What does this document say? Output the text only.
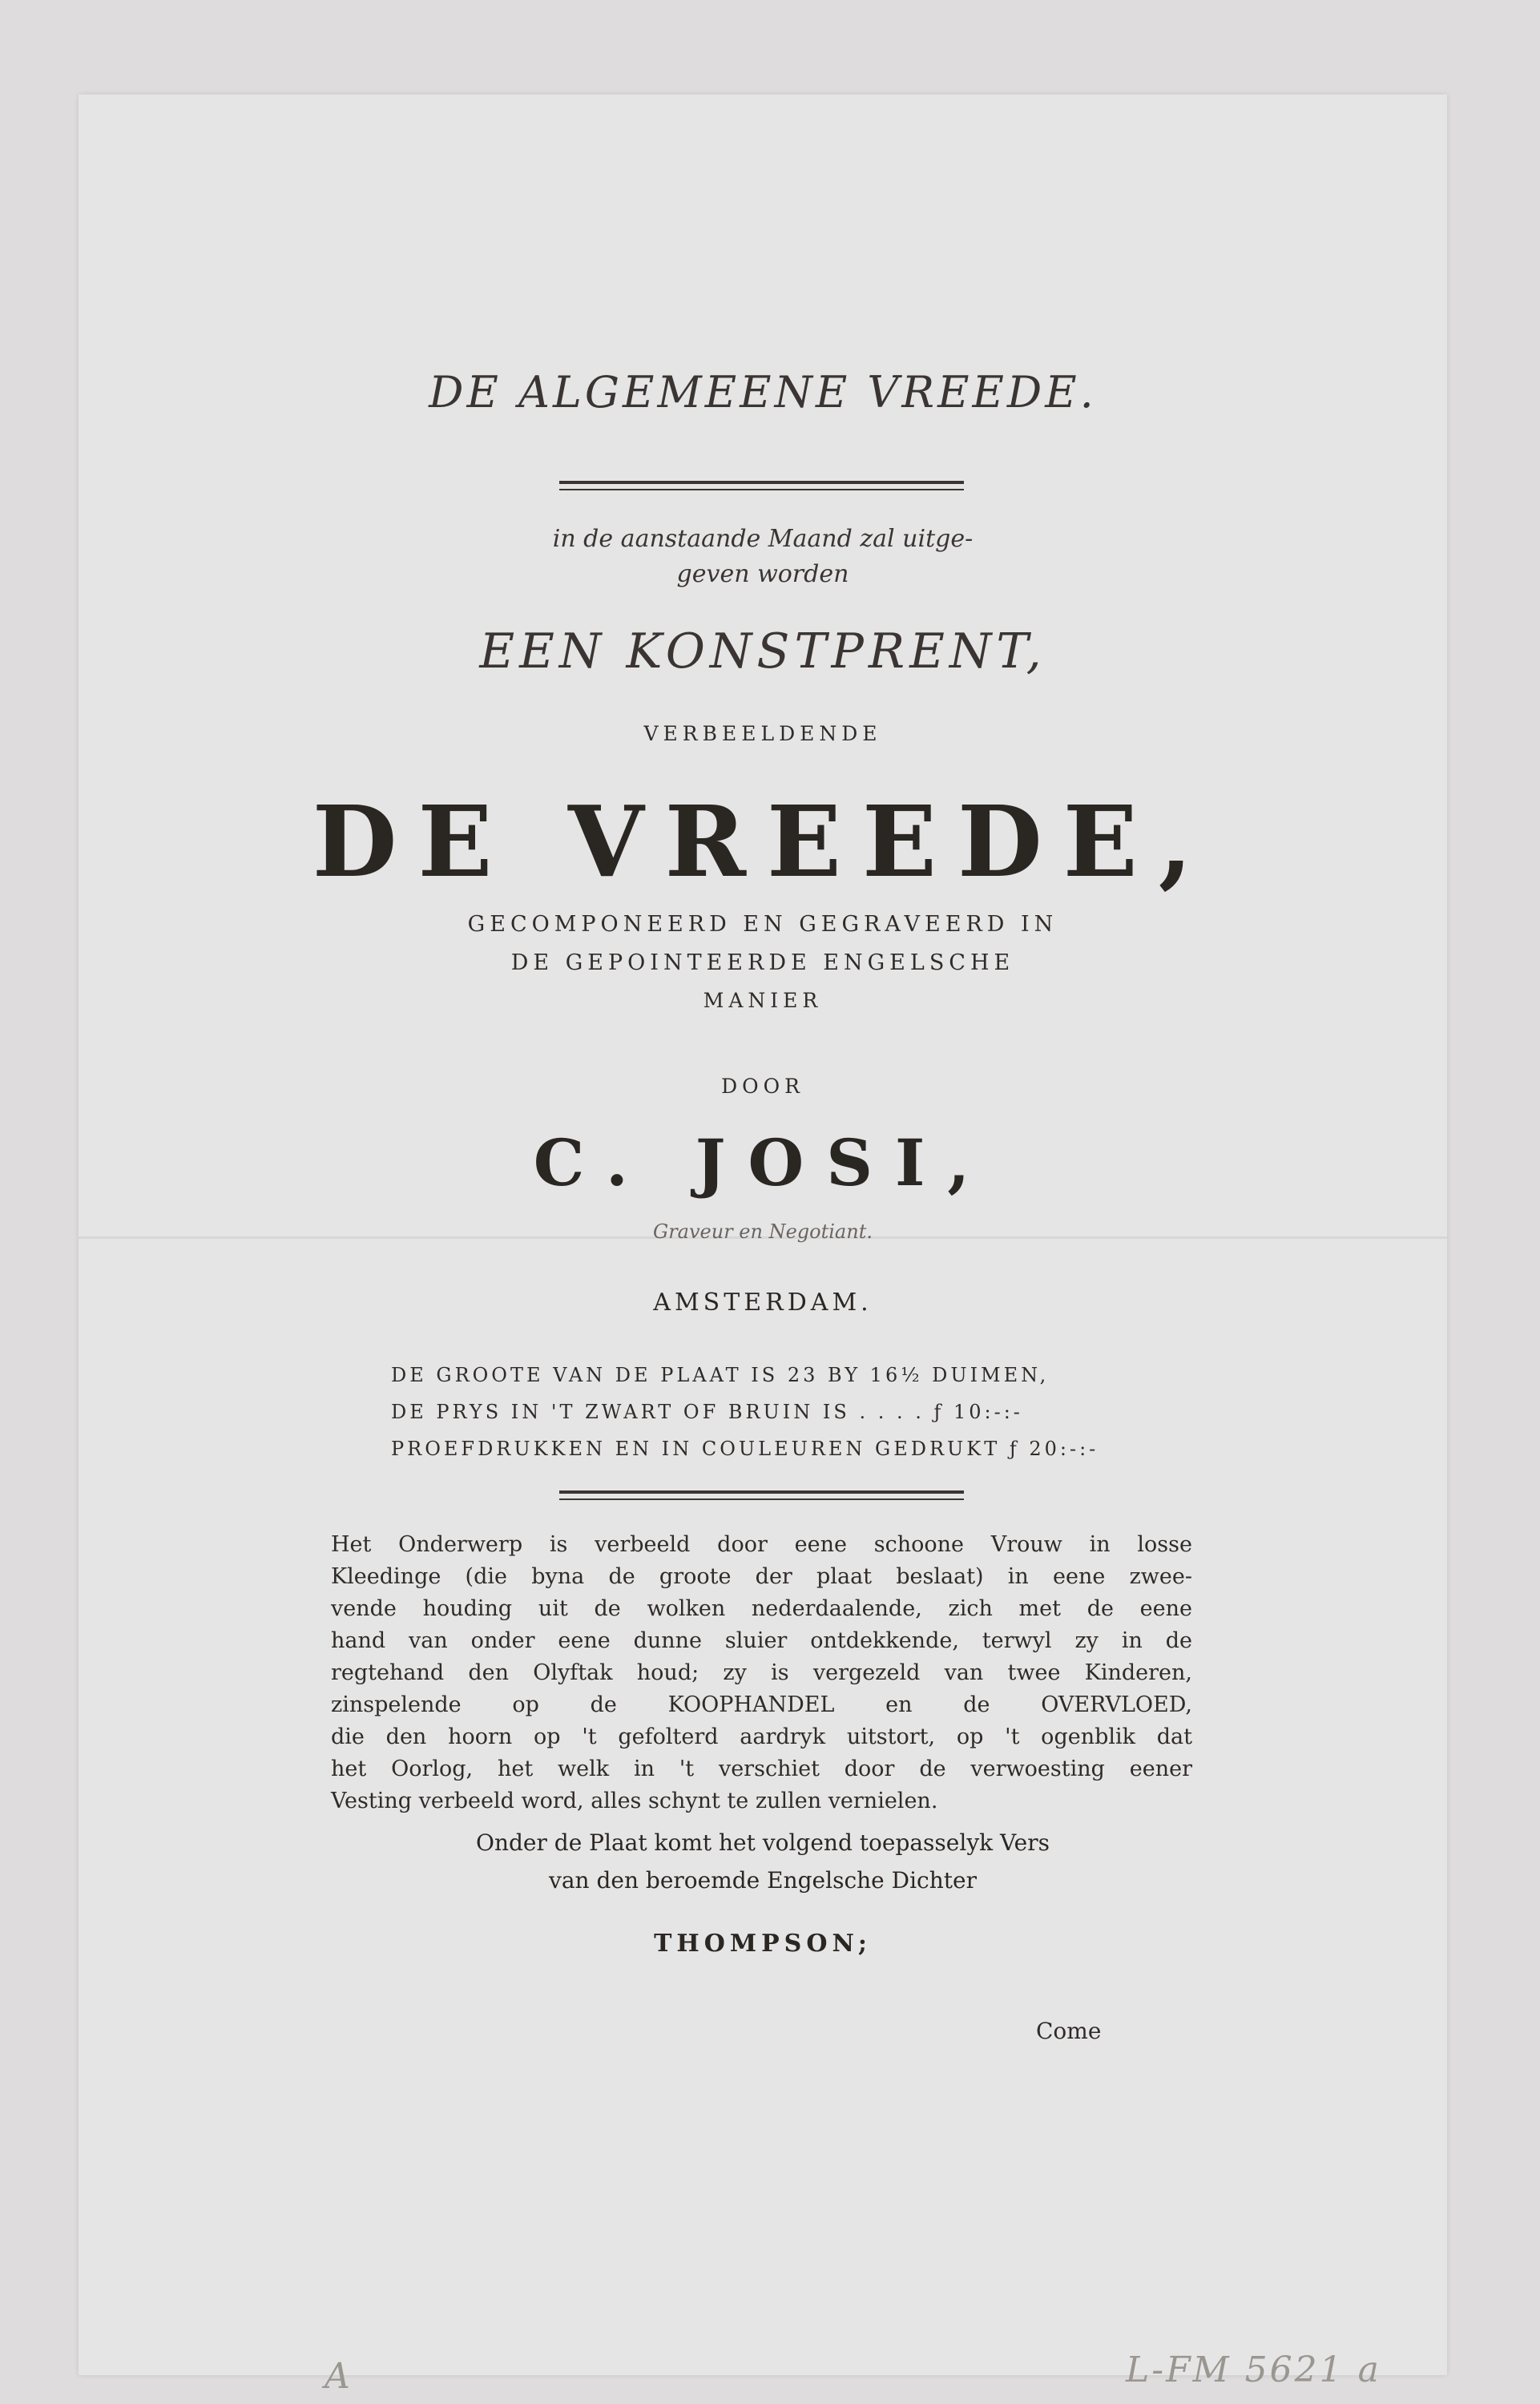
DE ALGEMEENE VREEDE.

in de aanstaande Maand zal uitge-

geven worden

EEN KONSTPRENT,

VERBEELDENDE

DE VREEDE,

GECOMPONEERD EN GEGRAVEERD IN

DE GEPOINTEERDE ENGELSCHE

MANIER

DOOR

C. JOSI,

Graveur en Negotiant.

AMSTERDAM.

DE GROOTE VAN DE PLAAT IS 23 BY 16½ DUIMEN,
DE PRYS IN 'T ZWART OF BRUIN IS . . . . ƒ 10:-:-
PROEFDRUKKEN EN IN COULEUREN GEDRUKT ƒ 20:-:-
Het Onderwerp is verbeeld door eene schoone Vrouw in losse
Kleedinge (die byna de groote der plaat beslaat) in eene zwee-
vende houding uit de wolken nederdaalende, zich met de eene
hand van onder eene dunne sluier ontdekkende, terwyl zy in de
regtehand den Olyftak houd; zy is vergezeld van twee Kinderen,
zinspelende op de KOOPHANDEL en de OVERVLOED,
die den hoorn op 't gefolterd aardryk uitstort, op 't ogenblik dat
het Oorlog, het welk in 't verschiet door de verwoesting eener
Vesting verbeeld word, alles schynt te zullen vernielen.

Onder de Plaat komt het volgend toepasselyk Vers

van den beroemde Engelsche Dichter

THOMPSON;

Come
A	L-FM 5621 a
